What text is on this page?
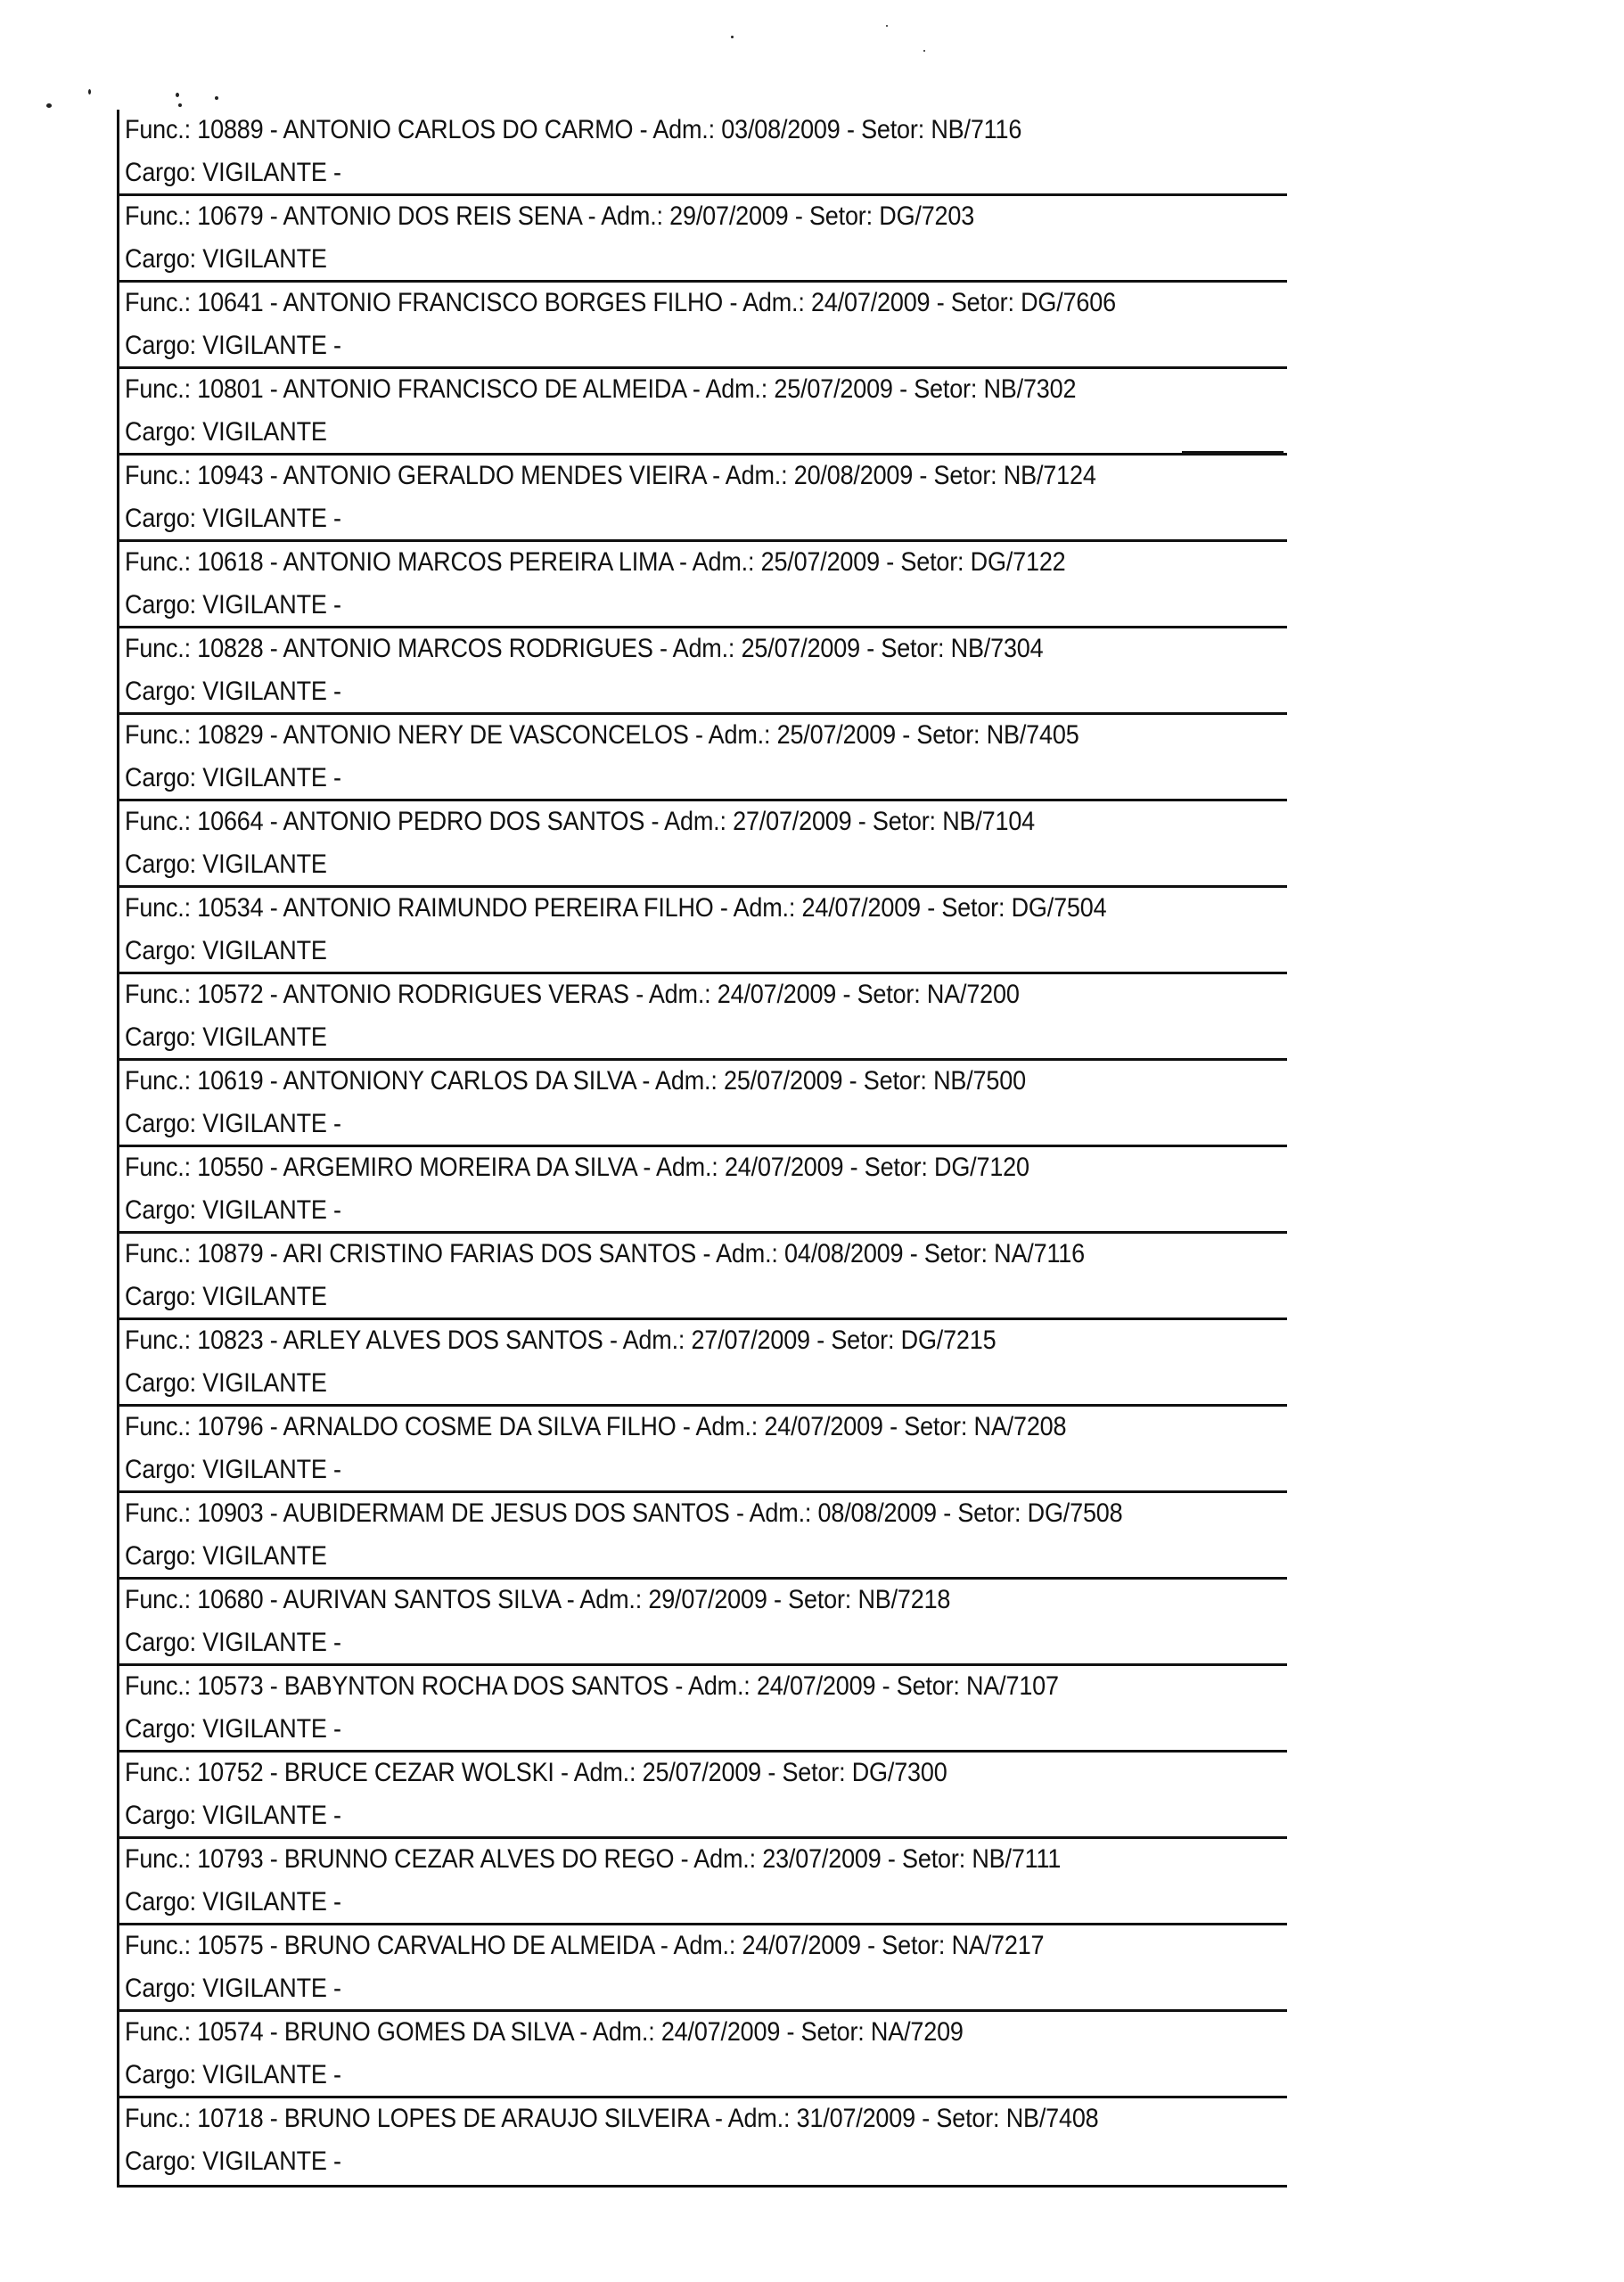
Func.: 10889 - ANTONIO CARLOS DO CARMO - Adm.: 03/08/2009 - Setor: NB/7116
Cargo: VIGILANTE -
Func.: 10679 - ANTONIO DOS REIS SENA - Adm.: 29/07/2009 - Setor: DG/7203
Cargo: VIGILANTE
Func.: 10641 - ANTONIO FRANCISCO BORGES FILHO - Adm.: 24/07/2009 - Setor: DG/7606
Cargo: VIGILANTE -
Func.: 10801 - ANTONIO FRANCISCO DE ALMEIDA - Adm.: 25/07/2009 - Setor: NB/7302
Cargo: VIGILANTE
Func.: 10943 - ANTONIO GERALDO MENDES VIEIRA - Adm.: 20/08/2009 - Setor: NB/7124
Cargo: VIGILANTE -
Func.: 10618 - ANTONIO MARCOS PEREIRA LIMA - Adm.: 25/07/2009 - Setor: DG/7122
Cargo: VIGILANTE -
Func.: 10828 - ANTONIO MARCOS RODRIGUES - Adm.: 25/07/2009 - Setor: NB/7304
Cargo: VIGILANTE -
Func.: 10829 - ANTONIO NERY DE VASCONCELOS - Adm.: 25/07/2009 - Setor: NB/7405
Cargo: VIGILANTE -
Func.: 10664 - ANTONIO PEDRO DOS SANTOS - Adm.: 27/07/2009 - Setor: NB/7104
Cargo: VIGILANTE
Func.: 10534 - ANTONIO RAIMUNDO PEREIRA FILHO - Adm.: 24/07/2009 - Setor: DG/7504
Cargo: VIGILANTE
Func.: 10572 - ANTONIO RODRIGUES VERAS - Adm.: 24/07/2009 - Setor: NA/7200
Cargo: VIGILANTE
Func.: 10619 - ANTONIONY CARLOS DA SILVA - Adm.: 25/07/2009 - Setor: NB/7500
Cargo: VIGILANTE -
Func.: 10550 - ARGEMIRO MOREIRA DA SILVA - Adm.: 24/07/2009 - Setor: DG/7120
Cargo: VIGILANTE -
Func.: 10879 - ARI CRISTINO FARIAS DOS SANTOS - Adm.: 04/08/2009 - Setor: NA/7116
Cargo: VIGILANTE
Func.: 10823 - ARLEY ALVES DOS SANTOS - Adm.: 27/07/2009 - Setor: DG/7215
Cargo: VIGILANTE
Func.: 10796 - ARNALDO COSME DA SILVA FILHO - Adm.: 24/07/2009 - Setor: NA/7208
Cargo: VIGILANTE -
Func.: 10903 - AUBIDERMAM DE JESUS DOS SANTOS - Adm.: 08/08/2009 - Setor: DG/7508
Cargo: VIGILANTE
Func.: 10680 - AURIVAN SANTOS SILVA - Adm.: 29/07/2009 - Setor: NB/7218
Cargo: VIGILANTE -
Func.: 10573 - BABYNTON ROCHA DOS SANTOS - Adm.: 24/07/2009 - Setor: NA/7107
Cargo: VIGILANTE -
Func.: 10752 - BRUCE CEZAR WOLSKI - Adm.: 25/07/2009 - Setor: DG/7300
Cargo: VIGILANTE -
Func.: 10793 - BRUNNO CEZAR ALVES DO REGO - Adm.: 23/07/2009 - Setor: NB/7111
Cargo: VIGILANTE -
Func.: 10575 - BRUNO CARVALHO DE ALMEIDA - Adm.: 24/07/2009 - Setor: NA/7217
Cargo: VIGILANTE -
Func.: 10574 - BRUNO GOMES DA SILVA - Adm.: 24/07/2009 - Setor: NA/7209
Cargo: VIGILANTE -
Func.: 10718 - BRUNO LOPES DE ARAUJO SILVEIRA - Adm.: 31/07/2009 - Setor: NB/7408
Cargo: VIGILANTE -
